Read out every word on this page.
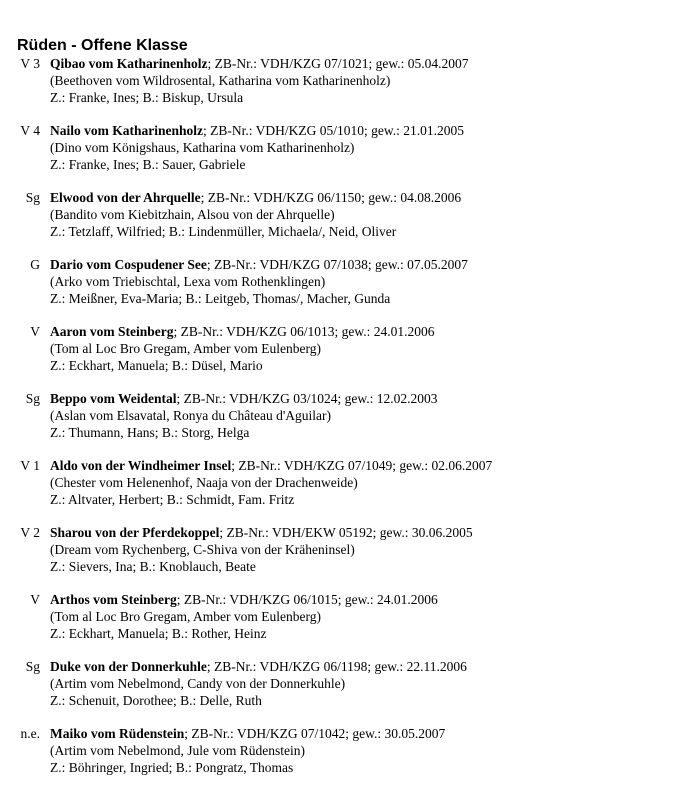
Rüden - Offene Klasse
V 3 Qibao vom Katharinenholz; ZB-Nr.: VDH/KZG 07/1021; gew.: 05.04.2007
(Beethoven vom Wildrosental, Katharina vom Katharinenholz)
Z.: Franke, Ines; B.: Biskup, Ursula
V 4 Nailo vom Katharinenholz; ZB-Nr.: VDH/KZG 05/1010; gew.: 21.01.2005
(Dino vom Königshaus, Katharina vom Katharinenholz)
Z.: Franke, Ines; B.: Sauer, Gabriele
Sg Elwood von der Ahrquelle; ZB-Nr.: VDH/KZG 06/1150; gew.: 04.08.2006
(Bandito vom Kiebitzhain, Alsou von der Ahrquelle)
Z.: Tetzlaff, Wilfried; B.: Lindenmüller, Michaela/, Neid, Oliver
G Dario vom Cospudener See; ZB-Nr.: VDH/KZG 07/1038; gew.: 07.05.2007
(Arko vom Triebischtal, Lexa vom Rothenklingen)
Z.: Meißner, Eva-Maria; B.: Leitgeb, Thomas/, Macher, Gunda
V Aaron vom Steinberg; ZB-Nr.: VDH/KZG 06/1013; gew.: 24.01.2006
(Tom al Loc Bro Gregam, Amber vom Eulenberg)
Z.: Eckhart, Manuela; B.: Düsel, Mario
Sg Beppo vom Weidental; ZB-Nr.: VDH/KZG 03/1024; gew.: 12.02.2003
(Aslan vom Elsavatal, Ronya du Château d'Aguilar)
Z.: Thumann, Hans; B.: Storg, Helga
V 1 Aldo von der Windheimer Insel; ZB-Nr.: VDH/KZG 07/1049; gew.: 02.06.2007
(Chester vom Helenenhof, Naaja von der Drachenweide)
Z.: Altvater, Herbert; B.: Schmidt, Fam. Fritz
V 2 Sharou von der Pferdekoppel; ZB-Nr.: VDH/EKW 05192; gew.: 30.06.2005
(Dream vom Rychenberg, C-Shiva von der Kräheninsel)
Z.: Sievers, Ina; B.: Knoblauch, Beate
V Arthos vom Steinberg; ZB-Nr.: VDH/KZG 06/1015; gew.: 24.01.2006
(Tom al Loc Bro Gregam, Amber vom Eulenberg)
Z.: Eckhart, Manuela; B.: Rother, Heinz
Sg Duke von der Donnerkuhle; ZB-Nr.: VDH/KZG 06/1198; gew.: 22.11.2006
(Artim vom Nebelmond, Candy von der Donnerkuhle)
Z.: Schenuit, Dorothee; B.: Delle, Ruth
n.e. Maiko vom Rüdenstein; ZB-Nr.: VDH/KZG 07/1042; gew.: 30.05.2007
(Artim vom Nebelmond, Jule vom Rüdenstein)
Z.: Böhringer, Ingried; B.: Pongratz, Thomas
